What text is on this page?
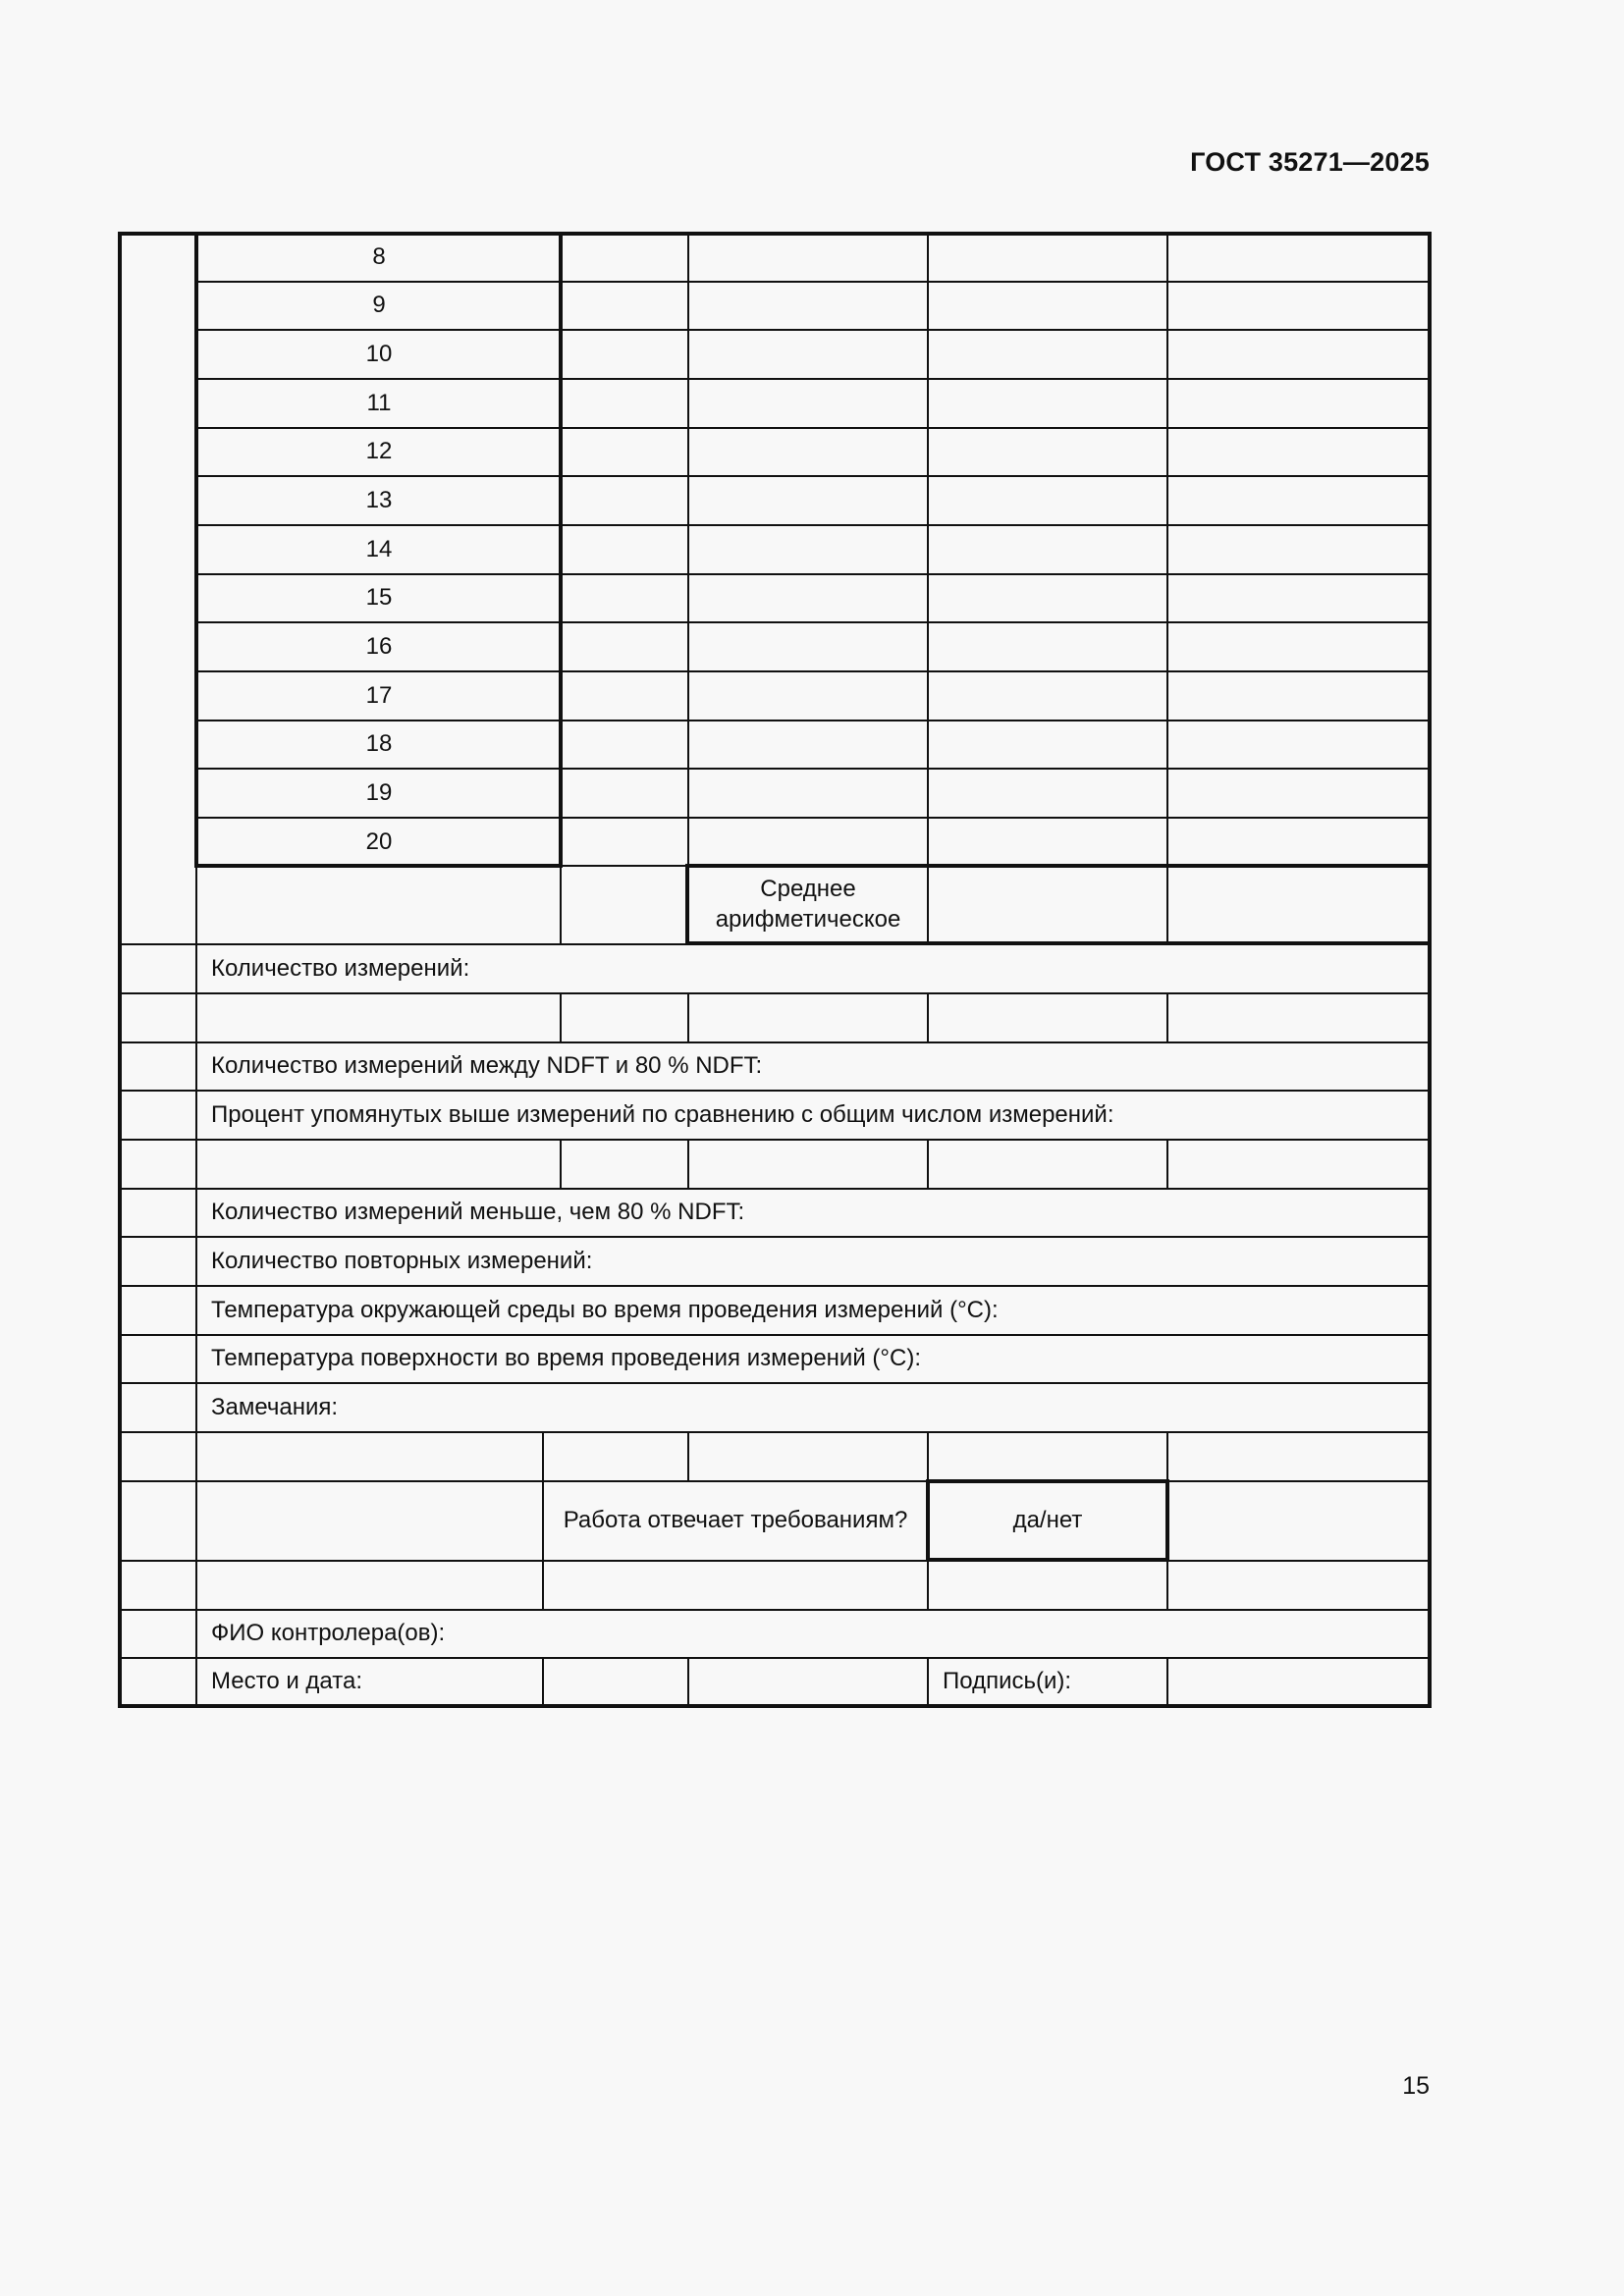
ГОСТ 35271—2025
8
9
10
11
12
13
14
15
16
17
18
19
20
Среднее
арифметическое
Количество измерений:
Количество измерений между NDFT и 80 % NDFT:
Процент упомянутых выше измерений по сравнению с общим числом измерений:
Количество измерений меньше, чем 80 % NDFT:
Количество повторных измерений:
Температура окружающей среды во время проведения измерений (°С):
Температура поверхности во время проведения измерений (°С):
Замечания:
Работа отвечает требованиям?	да/нет
ФИО контролера(ов):
Место и дата:	Подпись(и):
15
